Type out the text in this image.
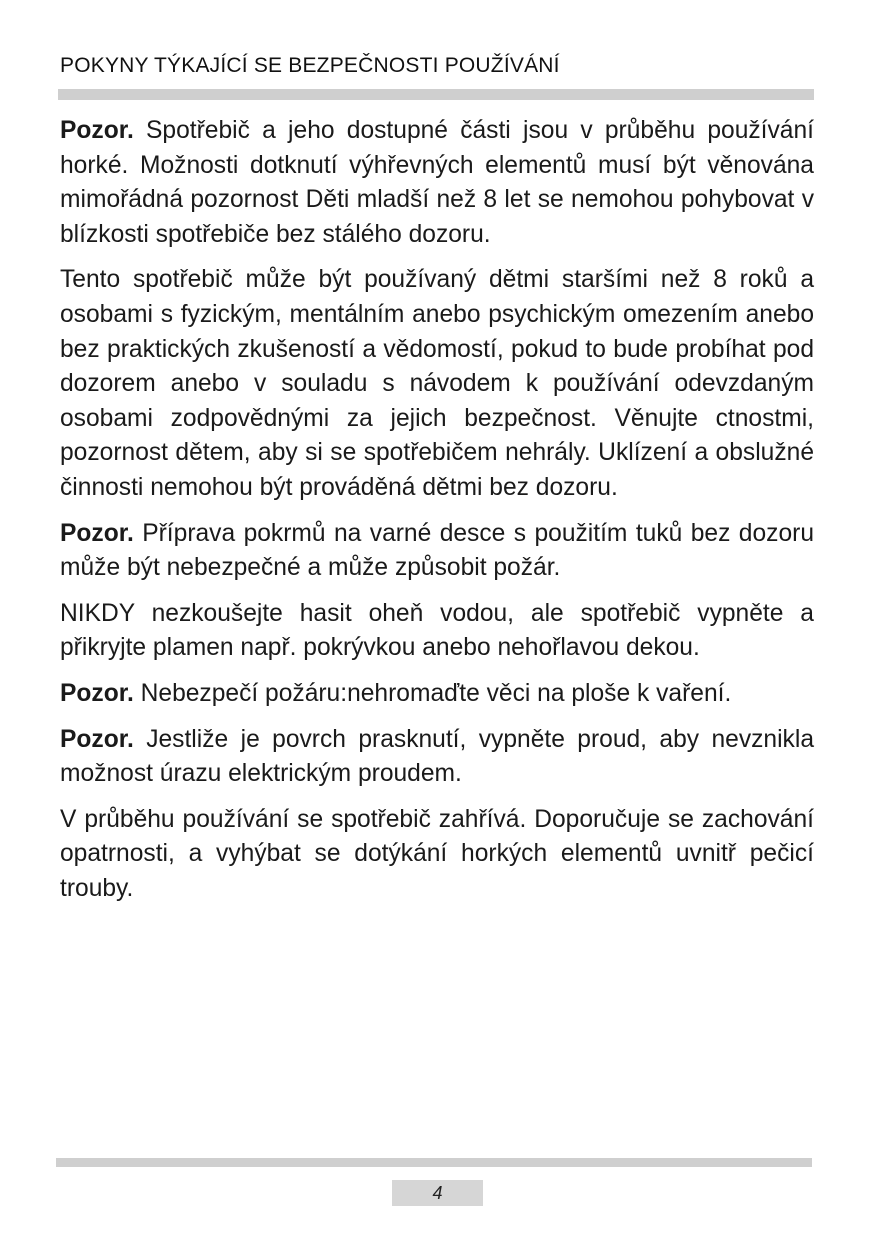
POKYNY TÝKAJÍCÍ SE BEZPEČNOSTI POUŽÍVÁNÍ

Pozor. Spotřebič a jeho dostupné části jsou v průběhu používání horké. Možnosti dotknutí výhřevných elementů musí být věnována mimořádná pozornost Děti mladší než 8 let se nemohou pohybovat v blízkosti spotřebiče bez stálého dozoru.

Tento spotřebič může být používaný dětmi staršími než 8 roků a osobami s fyzickým, mentálním anebo psychickým omezením anebo bez praktických zkušeností a vědomostí, pokud to bude probíhat pod dozorem anebo v souladu s návodem k používání odevzdaným osobami zodpovědnými za jejich bezpečnost. Věnujte ctnostmi, pozornost dětem, aby si se spotřebičem nehrály. Uklízení a obslužné činnosti nemohou být prováděná dětmi bez dozoru.

Pozor. Příprava pokrmů na varné desce s použitím tuků bez dozoru může být nebezpečné a může způsobit požár.

NIKDY nezkoušejte hasit oheň vodou, ale spotřebič vypněte a přikryjte plamen např. pokrývkou anebo nehořlavou dekou.

Pozor. Nebezpečí požáru:nehromaďte věci na ploše k vaření.

Pozor. Jestliže je povrch prasknutí, vypněte proud, aby nevznikla možnost úrazu elektrickým proudem.

V průběhu používání se spotřebič zahřívá. Doporučuje se zachování opatrnosti, a vyhýbat se dotýkání horkých elementů uvnitř pečicí trouby.

4
